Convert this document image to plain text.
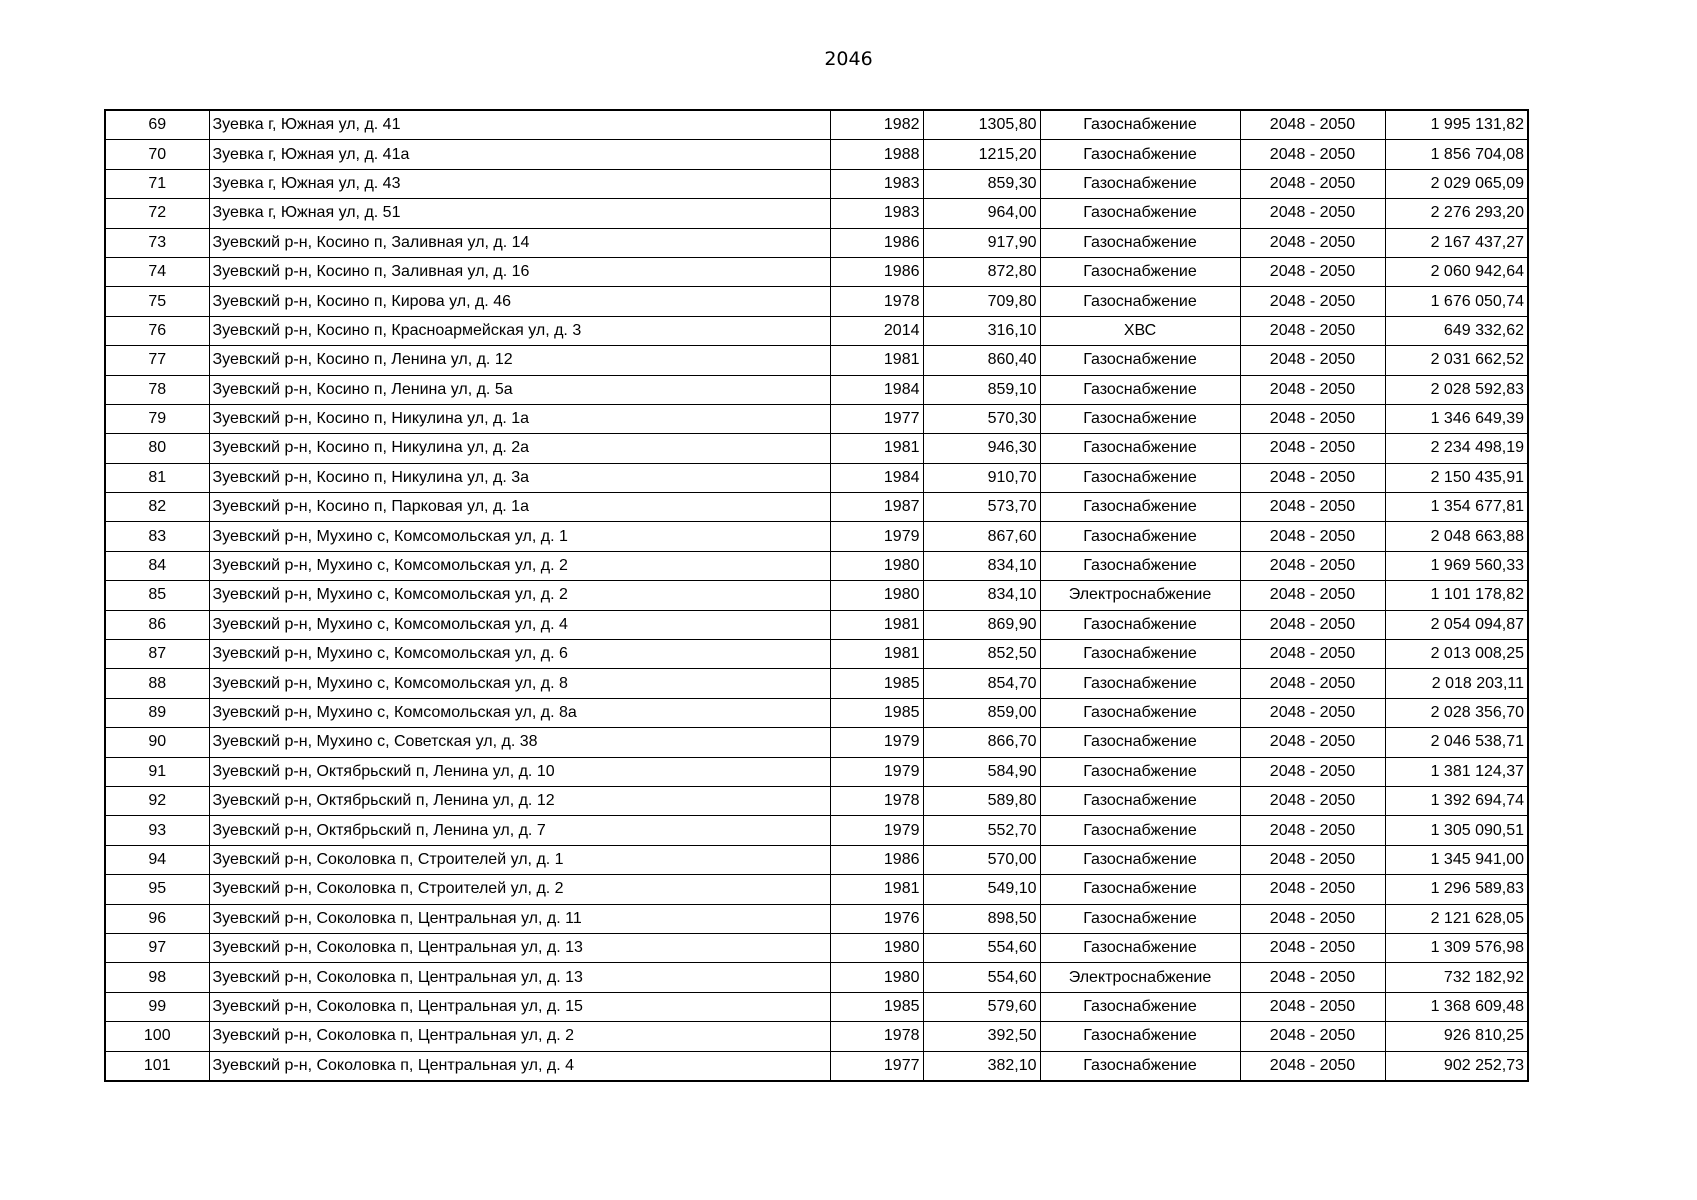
2046
69	Зуевка г, Южная ул, д. 41	1982	1305,80	Газоснабжение	2048 - 2050	1 995 131,82
70	Зуевка г, Южная ул, д. 41а	1988	1215,20	Газоснабжение	2048 - 2050	1 856 704,08
71	Зуевка г, Южная ул, д. 43	1983	859,30	Газоснабжение	2048 - 2050	2 029 065,09
72	Зуевка г, Южная ул, д. 51	1983	964,00	Газоснабжение	2048 - 2050	2 276 293,20
73	Зуевский р-н, Косино п, Заливная ул, д. 14	1986	917,90	Газоснабжение	2048 - 2050	2 167 437,27
74	Зуевский р-н, Косино п, Заливная ул, д. 16	1986	872,80	Газоснабжение	2048 - 2050	2 060 942,64
75	Зуевский р-н, Косино п, Кирова ул, д. 46	1978	709,80	Газоснабжение	2048 - 2050	1 676 050,74
76	Зуевский р-н, Косино п, Красноармейская ул, д. 3	2014	316,10	ХВС	2048 - 2050	649 332,62
77	Зуевский р-н, Косино п, Ленина ул, д. 12	1981	860,40	Газоснабжение	2048 - 2050	2 031 662,52
78	Зуевский р-н, Косино п, Ленина ул, д. 5а	1984	859,10	Газоснабжение	2048 - 2050	2 028 592,83
79	Зуевский р-н, Косино п, Никулина ул, д. 1а	1977	570,30	Газоснабжение	2048 - 2050	1 346 649,39
80	Зуевский р-н, Косино п, Никулина ул, д. 2а	1981	946,30	Газоснабжение	2048 - 2050	2 234 498,19
81	Зуевский р-н, Косино п, Никулина ул, д. 3а	1984	910,70	Газоснабжение	2048 - 2050	2 150 435,91
82	Зуевский р-н, Косино п, Парковая ул, д. 1а	1987	573,70	Газоснабжение	2048 - 2050	1 354 677,81
83	Зуевский р-н, Мухино с, Комсомольская ул, д. 1	1979	867,60	Газоснабжение	2048 - 2050	2 048 663,88
84	Зуевский р-н, Мухино с, Комсомольская ул, д. 2	1980	834,10	Газоснабжение	2048 - 2050	1 969 560,33
85	Зуевский р-н, Мухино с, Комсомольская ул, д. 2	1980	834,10	Электроснабжение	2048 - 2050	1 101 178,82
86	Зуевский р-н, Мухино с, Комсомольская ул, д. 4	1981	869,90	Газоснабжение	2048 - 2050	2 054 094,87
87	Зуевский р-н, Мухино с, Комсомольская ул, д. 6	1981	852,50	Газоснабжение	2048 - 2050	2 013 008,25
88	Зуевский р-н, Мухино с, Комсомольская ул, д. 8	1985	854,70	Газоснабжение	2048 - 2050	2 018 203,11
89	Зуевский р-н, Мухино с, Комсомольская ул, д. 8а	1985	859,00	Газоснабжение	2048 - 2050	2 028 356,70
90	Зуевский р-н, Мухино с, Советская ул, д. 38	1979	866,70	Газоснабжение	2048 - 2050	2 046 538,71
91	Зуевский р-н, Октябрьский п, Ленина ул, д. 10	1979	584,90	Газоснабжение	2048 - 2050	1 381 124,37
92	Зуевский р-н, Октябрьский п, Ленина ул, д. 12	1978	589,80	Газоснабжение	2048 - 2050	1 392 694,74
93	Зуевский р-н, Октябрьский п, Ленина ул, д. 7	1979	552,70	Газоснабжение	2048 - 2050	1 305 090,51
94	Зуевский р-н, Соколовка п, Строителей ул, д. 1	1986	570,00	Газоснабжение	2048 - 2050	1 345 941,00
95	Зуевский р-н, Соколовка п, Строителей ул, д. 2	1981	549,10	Газоснабжение	2048 - 2050	1 296 589,83
96	Зуевский р-н, Соколовка п, Центральная ул, д. 11	1976	898,50	Газоснабжение	2048 - 2050	2 121 628,05
97	Зуевский р-н, Соколовка п, Центральная ул, д. 13	1980	554,60	Газоснабжение	2048 - 2050	1 309 576,98
98	Зуевский р-н, Соколовка п, Центральная ул, д. 13	1980	554,60	Электроснабжение	2048 - 2050	732 182,92
99	Зуевский р-н, Соколовка п, Центральная ул, д. 15	1985	579,60	Газоснабжение	2048 - 2050	1 368 609,48
100	Зуевский р-н, Соколовка п, Центральная ул, д. 2	1978	392,50	Газоснабжение	2048 - 2050	926 810,25
101	Зуевский р-н, Соколовка п, Центральная ул, д. 4	1977	382,10	Газоснабжение	2048 - 2050	902 252,73
